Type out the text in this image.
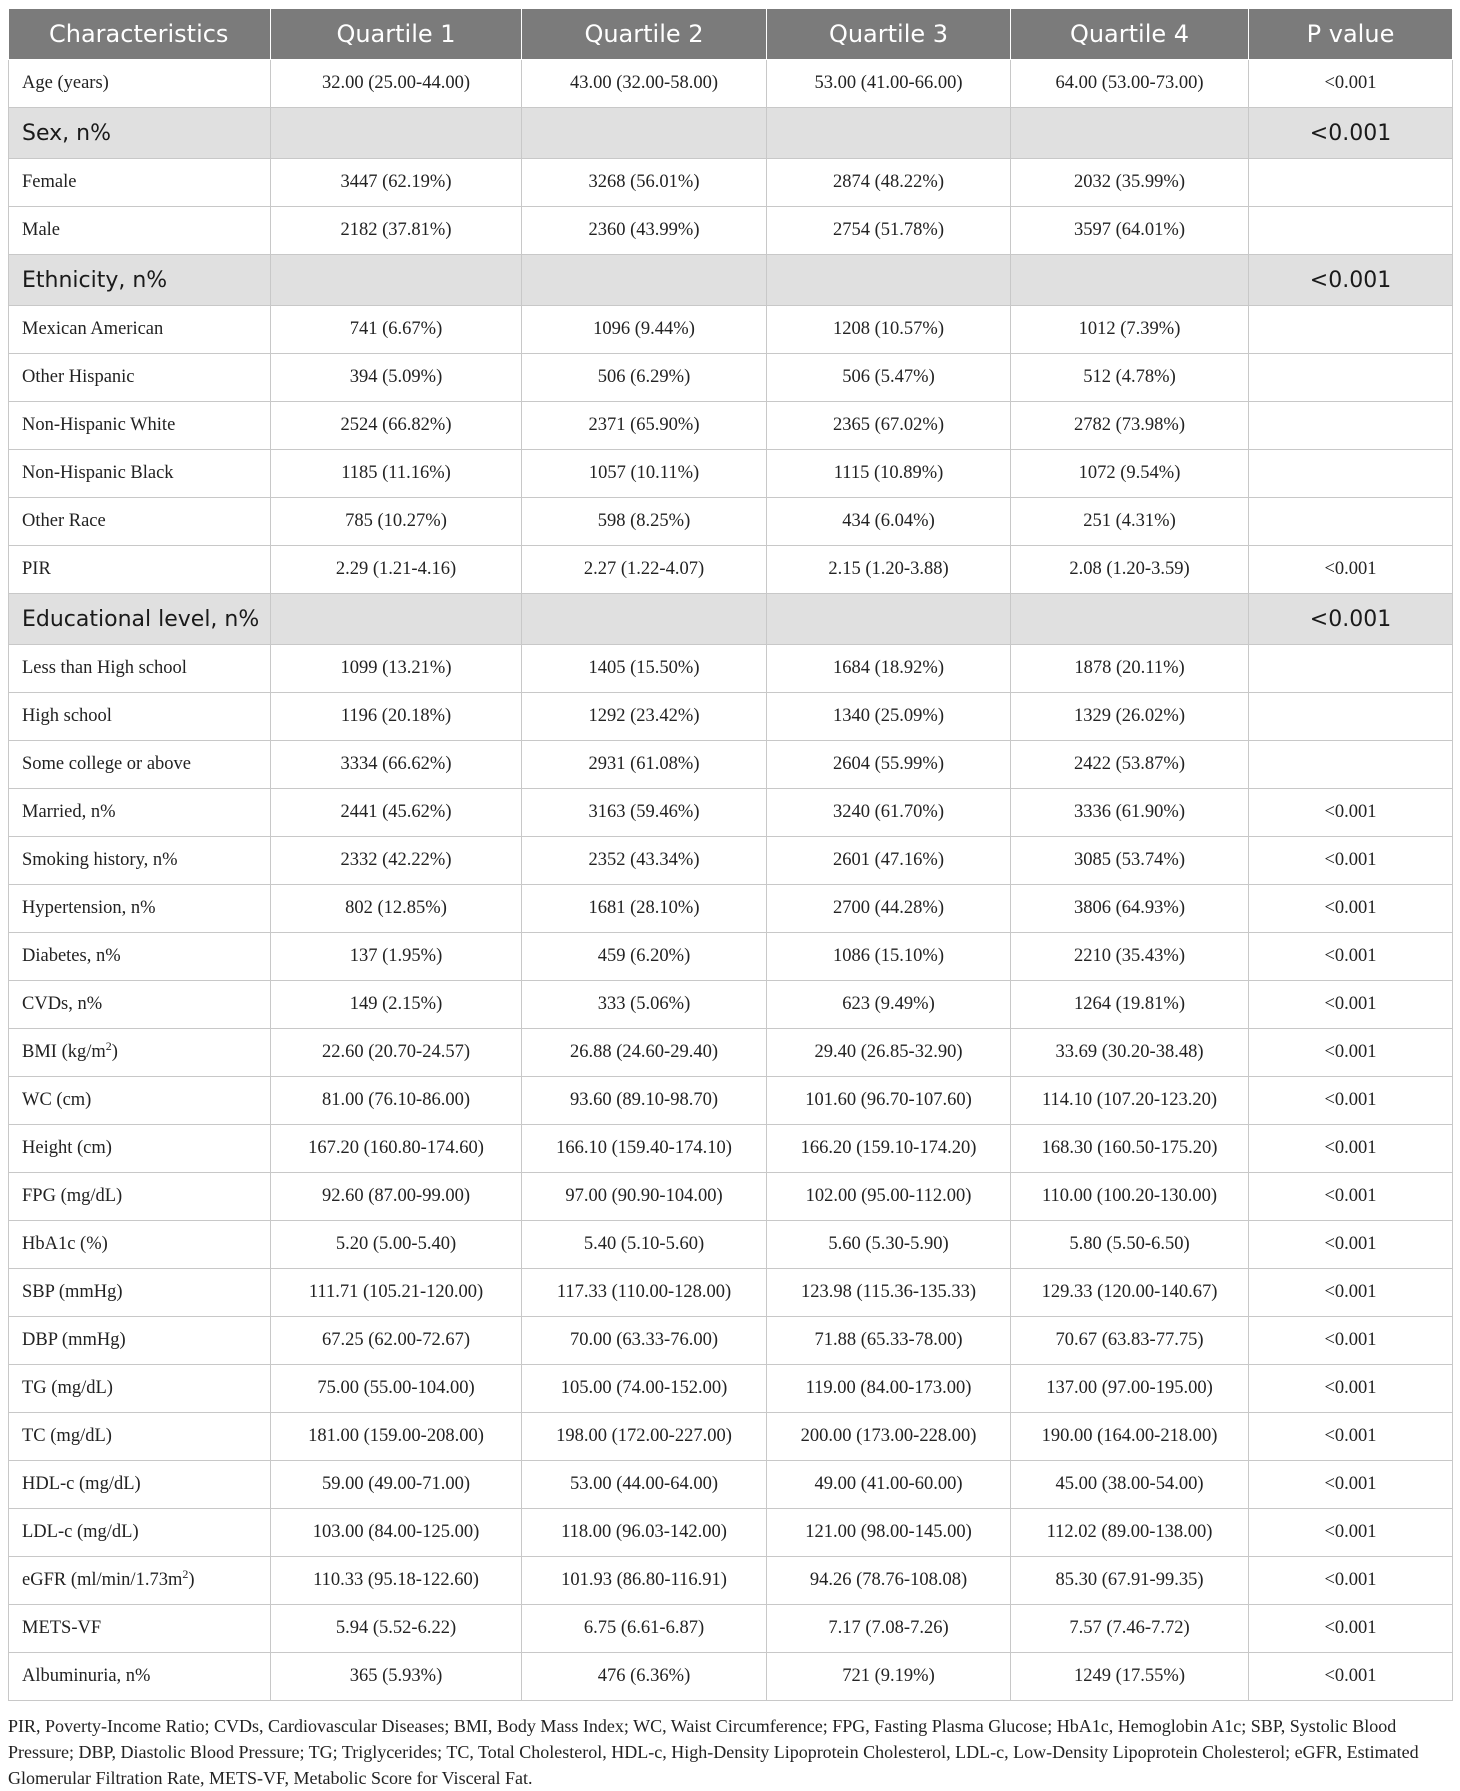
Characteristics	Quartile 1	Quartile 2	Quartile 3	Quartile 4	P value
Age (years)	32.00 (25.00-44.00)	43.00 (32.00-58.00)	53.00 (41.00-66.00)	64.00 (53.00-73.00)	<0.001
Sex, n%					<0.001
Female	3447 (62.19%)	3268 (56.01%)	2874 (48.22%)	2032 (35.99%)	
Male	2182 (37.81%)	2360 (43.99%)	2754 (51.78%)	3597 (64.01%)	
Ethnicity, n%					<0.001
Mexican American	741 (6.67%)	1096 (9.44%)	1208 (10.57%)	1012 (7.39%)	
Other Hispanic	394 (5.09%)	506 (6.29%)	506 (5.47%)	512 (4.78%)	
Non-Hispanic White	2524 (66.82%)	2371 (65.90%)	2365 (67.02%)	2782 (73.98%)	
Non-Hispanic Black	1185 (11.16%)	1057 (10.11%)	1115 (10.89%)	1072 (9.54%)	
Other Race	785 (10.27%)	598 (8.25%)	434 (6.04%)	251 (4.31%)	
PIR	2.29 (1.21-4.16)	2.27 (1.22-4.07)	2.15 (1.20-3.88)	2.08 (1.20-3.59)	<0.001
Educational level, n%					<0.001
Less than High school	1099 (13.21%)	1405 (15.50%)	1684 (18.92%)	1878 (20.11%)	
High school	1196 (20.18%)	1292 (23.42%)	1340 (25.09%)	1329 (26.02%)	
Some college or above	3334 (66.62%)	2931 (61.08%)	2604 (55.99%)	2422 (53.87%)	
Married, n%	2441 (45.62%)	3163 (59.46%)	3240 (61.70%)	3336 (61.90%)	<0.001
Smoking history, n%	2332 (42.22%)	2352 (43.34%)	2601 (47.16%)	3085 (53.74%)	<0.001
Hypertension, n%	802 (12.85%)	1681 (28.10%)	2700 (44.28%)	3806 (64.93%)	<0.001
Diabetes, n%	137 (1.95%)	459 (6.20%)	1086 (15.10%)	2210 (35.43%)	<0.001
CVDs, n%	149 (2.15%)	333 (5.06%)	623 (9.49%)	1264 (19.81%)	<0.001
BMI $(kg/m^2)$	22.60 (20.70-24.57)	26.88 (24.60-29.40)	29.40 (26.85-32.90)	33.69 (30.20-38.48)	<0.001
WC (cm)	81.00 (76.10-86.00)	93.60 (89.10-98.70)	101.60 (96.70-107.60)	114.10 (107.20-123.20)	<0.001
Height (cm)	167.20 (160.80-174.60)	166.10 (159.40-174.10)	166.20 (159.10-174.20)	168.30 (160.50-175.20)	<0.001
FPG (mg/dL)	92.60 (87.00-99.00)	97.00 (90.90-104.00)	102.00 (95.00-112.00)	110.00 (100.20-130.00)	<0.001
HbA1c (%)	5.20 (5.00-5.40)	5.40 (5.10-5.60)	5.60 (5.30-5.90)	5.80 (5.50-6.50)	<0.001
SBP (mmHg)	111.71 (105.21-120.00)	117.33 (110.00-128.00)	123.98 (115.36-135.33)	129.33 (120.00-140.67)	<0.001
DBP (mmHg)	67.25 (62.00-72.67)	70.00 (63.33-76.00)	71.88 (65.33-78.00)	70.67 (63.83-77.75)	<0.001
TG (mg/dL)	75.00 (55.00-104.00)	105.00 (74.00-152.00)	119.00 (84.00-173.00)	137.00 (97.00-195.00)	<0.001
TC (mg/dL)	181.00 (159.00-208.00)	198.00 (172.00-227.00)	200.00 (173.00-228.00)	190.00 (164.00-218.00)	<0.001
HDL-c (mg/dL)	59.00 (49.00-71.00)	53.00 (44.00-64.00)	49.00 (41.00-60.00)	45.00 (38.00-54.00)	<0.001
LDL-c (mg/dL)	103.00 (84.00-125.00)	118.00 (96.03-142.00)	121.00 (98.00-145.00)	112.02 (89.00-138.00)	<0.001
eGFR $(ml/\min/1.73m^2)$	110.33 (95.18-122.60)	101.93 (86.80-116.91)	94.26 (78.76-108.08)	85.30 (67.91-99.35)	<0.001
METS-VF	5.94 (5.52-6.22)	6.75 (6.61-6.87)	7.17 (7.08-7.26)	7.57 (7.46-7.72)	<0.001
Albuminuria, n%	365 (5.93%)	476 (6.36%)	721 (9.19%)	1249 (17.55%)	<0.001
PIR, Poverty-Income Ratio; CVDs, Cardiovascular Diseases; BMI, Body Mass Index; WC, Waist Circumference; FPG, Fasting Plasma Glucose; HbA1c, Hemoglobin A1c; SBP, Systolic Blood Pressure; DBP, Diastolic Blood Pressure; TG; Triglycerides; TC, Total Cholesterol, HDL-c, High-Density Lipoprotein Cholesterol, LDL-c, Low-Density Lipoprotein Cholesterol; eGFR, Estimated Glomerular Filtration Rate, METS-VF, Metabolic Score for Visceral Fat.
